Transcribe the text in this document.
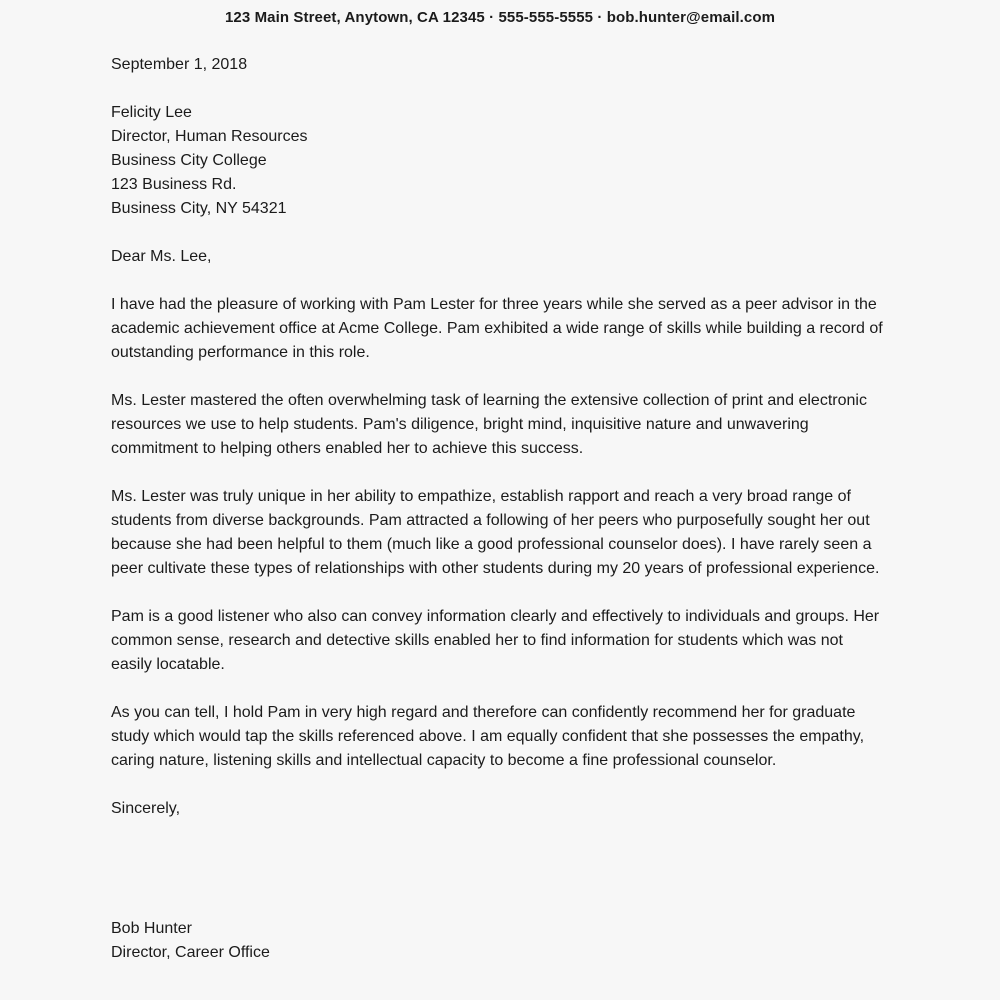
123 Main Street, Anytown, CA 12345 · 555-555-5555 · bob.hunter@email.com
September 1, 2018
Felicity Lee
Director, Human Resources
Business City College
123 Business Rd.
Business City, NY 54321
Dear Ms. Lee,

I have had the pleasure of working with Pam Lester for three years while she served as a peer advisor in the academic achievement office at Acme College. Pam exhibited a wide range of skills while building a record of outstanding performance in this role.

Ms. Lester mastered the often overwhelming task of learning the extensive collection of print and electronic resources we use to help students. Pam's diligence, bright mind, inquisitive nature and unwavering commitment to helping others enabled her to achieve this success.

Ms. Lester was truly unique in her ability to empathize, establish rapport and reach a very broad range of students from diverse backgrounds. Pam attracted a following of her peers who purposefully sought her out because she had been helpful to them (much like a good professional counselor does). I have rarely seen a peer cultivate these types of relationships with other students during my 20 years of professional experience.

Pam is a good listener who also can convey information clearly and effectively to individuals and groups. Her common sense, research and detective skills enabled her to find information for students which was not easily locatable.

As you can tell, I hold Pam in very high regard and therefore can confidently recommend her for graduate study which would tap the skills referenced above. I am equally confident that she possesses the empathy, caring nature, listening skills and intellectual capacity to become a fine professional counselor.

Sincerely,
Bob Hunter
Director, Career Office
